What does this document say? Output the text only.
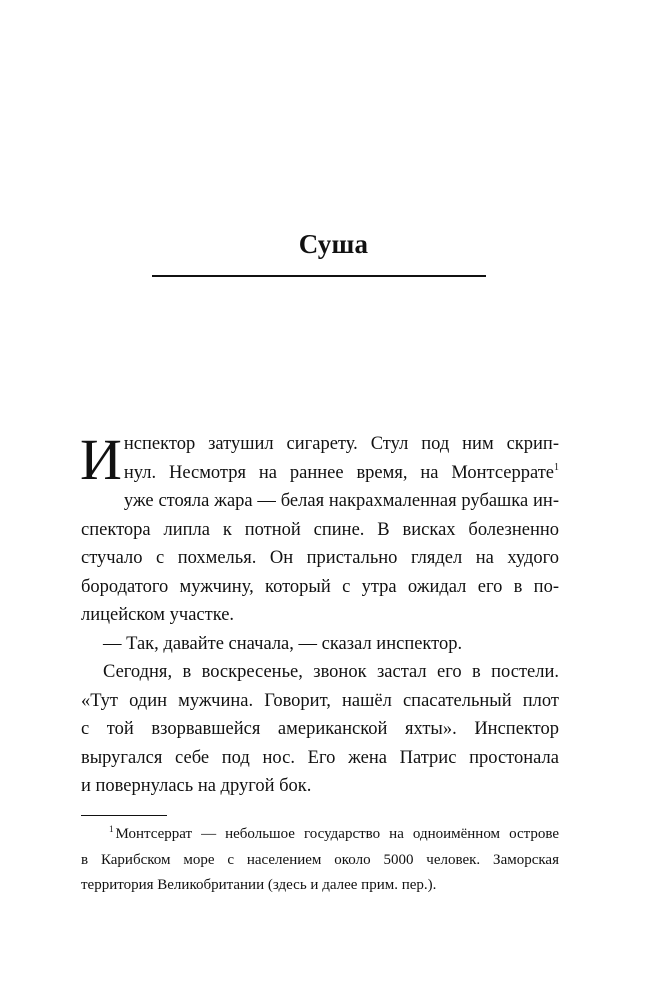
Суша

И нспектор затушил сигарету. Стул под ним скрип-
нул. Несмотря на раннее время, на Монтсеррате$^1$
уже стояла жара — белая накрахмаленная рубашка ин-
спектора липла к потной спине. В висках болезненно
стучало с похмелья. Он пристально глядел на худого
бородатого мужчину, который с утра ожидал его в по-
лицейском участке.

— Так, давайте сначала, — сказал инспектор.

Сегодня, в воскресенье, звонок застал его в постели.
«Тут один мужчина. Говорит, нашёл спасательный плот
с той взорвавшейся американской яхты». Инспектор
выругался себе под нос. Его жена Патрис простонала
и повернулась на другой бок.

$^1$ Монтсеррат — небольшое государство на одноимённом острове
в Карибском море с населением около 5000 человек. Заморская
территория Великобритании (здесь и далее прим. пер.).
